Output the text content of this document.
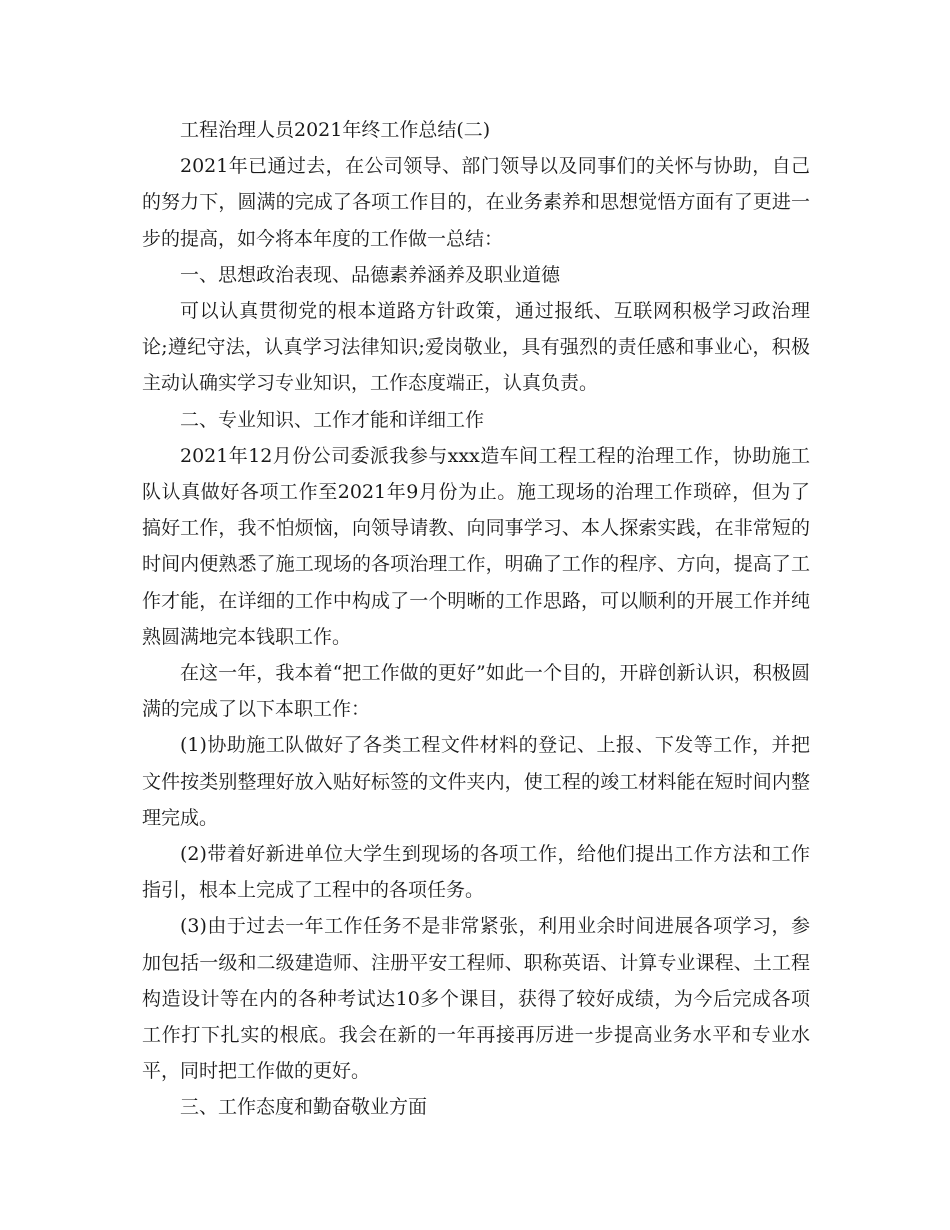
工程治理人员2021年终工作总结(二)

2021年已通过去，在公司领导、部门领导以及同事们的关怀与协助，自己的努力下，圆满的完成了各项工作目的，在业务素养和思想觉悟方面有了更进一步的提高，如今将本年度的工作做一总结：

一、思想政治表现、品德素养涵养及职业道德

可以认真贯彻党的根本道路方针政策，通过报纸、互联网积极学习政治理论;遵纪守法，认真学习法律知识;爱岗敬业，具有强烈的责任感和事业心，积极主动认确实学习专业知识，工作态度端正，认真负责。

二、专业知识、工作才能和详细工作

2021年12月份公司委派我参与xxx造车间工程工程的治理工作，协助施工队认真做好各项工作至2021年9月份为止。施工现场的治理工作琐碎，但为了搞好工作，我不怕烦恼，向领导请教、向同事学习、本人探索实践，在非常短的时间内便熟悉了施工现场的各项治理工作，明确了工作的程序、方向，提高了工作才能，在详细的工作中构成了一个明晰的工作思路，可以顺利的开展工作并纯熟圆满地完本钱职工作。

在这一年，我本着“把工作做的更好”如此一个目的，开辟创新认识，积极圆满的完成了以下本职工作：

(1)协助施工队做好了各类工程文件材料的登记、上报、下发等工作，并把文件按类别整理好放入贴好标签的文件夹内，使工程的竣工材料能在短时间内整理完成。

(2)带着好新进单位大学生到现场的各项工作，给他们提出工作方法和工作指引，根本上完成了工程中的各项任务。

(3)由于过去一年工作任务不是非常紧张，利用业余时间进展各项学习，参加包括一级和二级建造师、注册平安工程师、职称英语、计算专业课程、土工程构造设计等在内的各种考试达10多个课目，获得了较好成绩，为今后完成各项工作打下扎实的根底。我会在新的一年再接再厉进一步提高业务水平和专业水平，同时把工作做的更好。

三、工作态度和勤奋敬业方面
